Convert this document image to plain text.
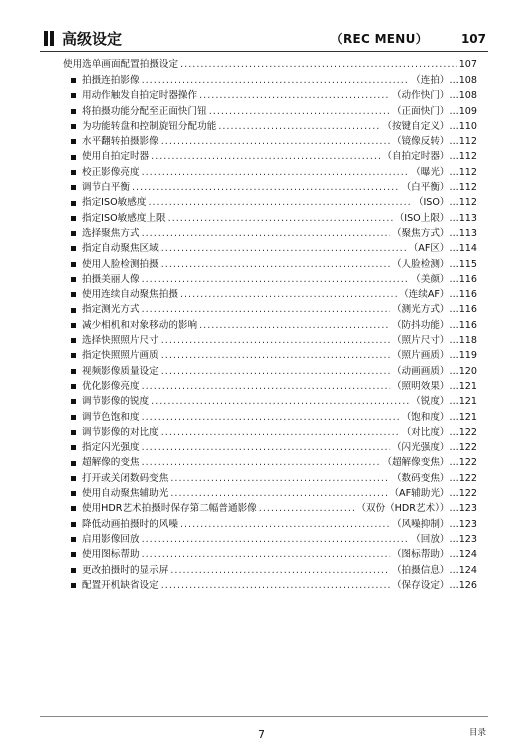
高级设定	（REC MENU）	107
使用选单画面配置拍摄设定 .....	107
拍摄连拍影像 .....	（连拍） ... 108
用动作触发自拍定时器操作 .....	（动作快门） ... 108
将拍摄功能分配至正面快门钮 .....	（正面快门） ... 109
为功能转盘和控制旋钮分配功能 .....	（按键自定义） ... 110
水平翻转拍摄影像 .....	（镜像反转） ... 112
使用自拍定时器 .....	（自拍定时器） ... 112
校正影像亮度 .....	（曝光） ... 112
调节白平衡 .....	（白平衡） ... 112
指定ISO敏感度 .....	（ISO） ... 112
指定ISO敏感度上限 .....	（ISO上限） ... 113
选择聚焦方式 .....	（聚焦方式） ... 113
指定自动聚焦区域 .....	（AF区） ... 114
使用人脸检测拍摄 .....	（人脸检测） ... 115
拍摄美丽人像 .....	（美颜） ... 116
使用连续自动聚焦拍摄 .....	（连续AF） ... 116
指定测光方式 .....	（测光方式） ... 116
减少相机和对象移动的影响 .....	（防抖功能） ... 116
选择快照照片尺寸 .....	（照片尺寸） ... 118
指定快照照片画质 .....	（照片画质） ... 119
视频影像质量设定 .....	（动画画质） ... 120
优化影像亮度 .....	（照明效果） ... 121
调节影像的锐度 .....	（锐度） ... 121
调节色饱和度 .....	（饱和度） ... 121
调节影像的对比度 .....	（对比度） ... 122
指定闪光强度 .....	（闪光强度） ... 122
超解像的变焦 .....	（超解像变焦） ... 122
打开或关闭数码变焦 .....	（数码变焦） ... 122
使用自动聚焦辅助光 .....	（AF辅助光） ... 122
使用HDR艺术拍摄时保存第二幅普通影像 .....	（双份（HDR艺术）） ... 123
降低动画拍摄时的风噪 .....	（风噪抑制） ... 123
启用影像回放 .....	（回放） ... 123
使用图标帮助 .....	（图标帮助） ... 124
更改拍摄时的显示屏 .....	（拍摄信息） ... 124
配置开机缺省设定 .....	（保存设定） ... 126
7	目录
